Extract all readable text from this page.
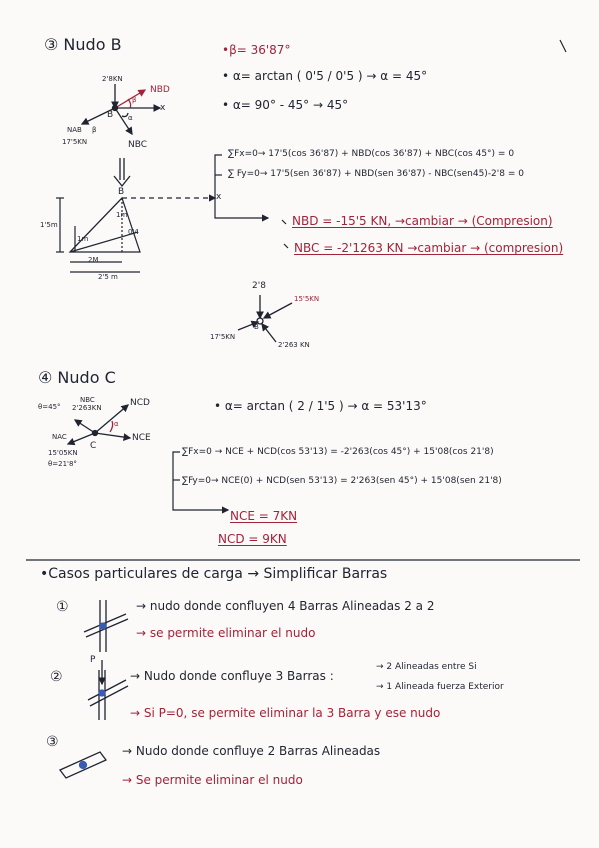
③ Nudo B
2'8KN
NBD
x
B
β
α
NAB
17'5KN
β
NBC
•β= 36'87°
• α= arctan ( 0'5 / 0'5 ) → α = 45°
• α= 90° - 45° → 45°
B
1'5m
1m
1m
0'4
2M
2'5 m
x
∑Fx=0→ 17'5(cos 36'87) + NBD(cos 36'87) + NBC(cos 45°) = 0
∑ Fy=0→ 17'5(sen 36'87) + NBD(sen 36'87) - NBC(sen45)-2'8 = 0
NBD = -15'5 KN, →cambiar → (Compresion)
NBC = -2'1263 KN →cambiar → (compresion)
2'8
15'5KN
17'5KN
2'263 KN
B
④ Nudo C
θ=45°
NBC
2'263KN	NCD
α
NAC	NCE
C
15'05KN
θ=21'8°
• α= arctan ( 2 / 1'5 ) → α = 53'13°
∑Fx=0 → NCE + NCD(cos 53'13) = -2'263(cos 45°) + 15'08(cos 21'8)
∑Fy=0→ NCE(0) + NCD(sen 53'13) = 2'263(sen 45°) + 15'08(sen 21'8)
NCE = 7KN
NCD = 9KN
•Casos particulares de carga → Simplificar Barras
①	→ nudo donde confluyen 4 Barras Alineadas 2 a 2
→ se permite eliminar el nudo
②
P
→ Nudo donde confluye 3 Barras :
→ 2 Alineadas entre Si
→ 1 Alineada fuerza Exterior
→ Si P=0, se permite eliminar la 3 Barra y ese nudo
③
→ Nudo donde confluye 2 Barras Alineadas
→ Se permite eliminar el nudo
